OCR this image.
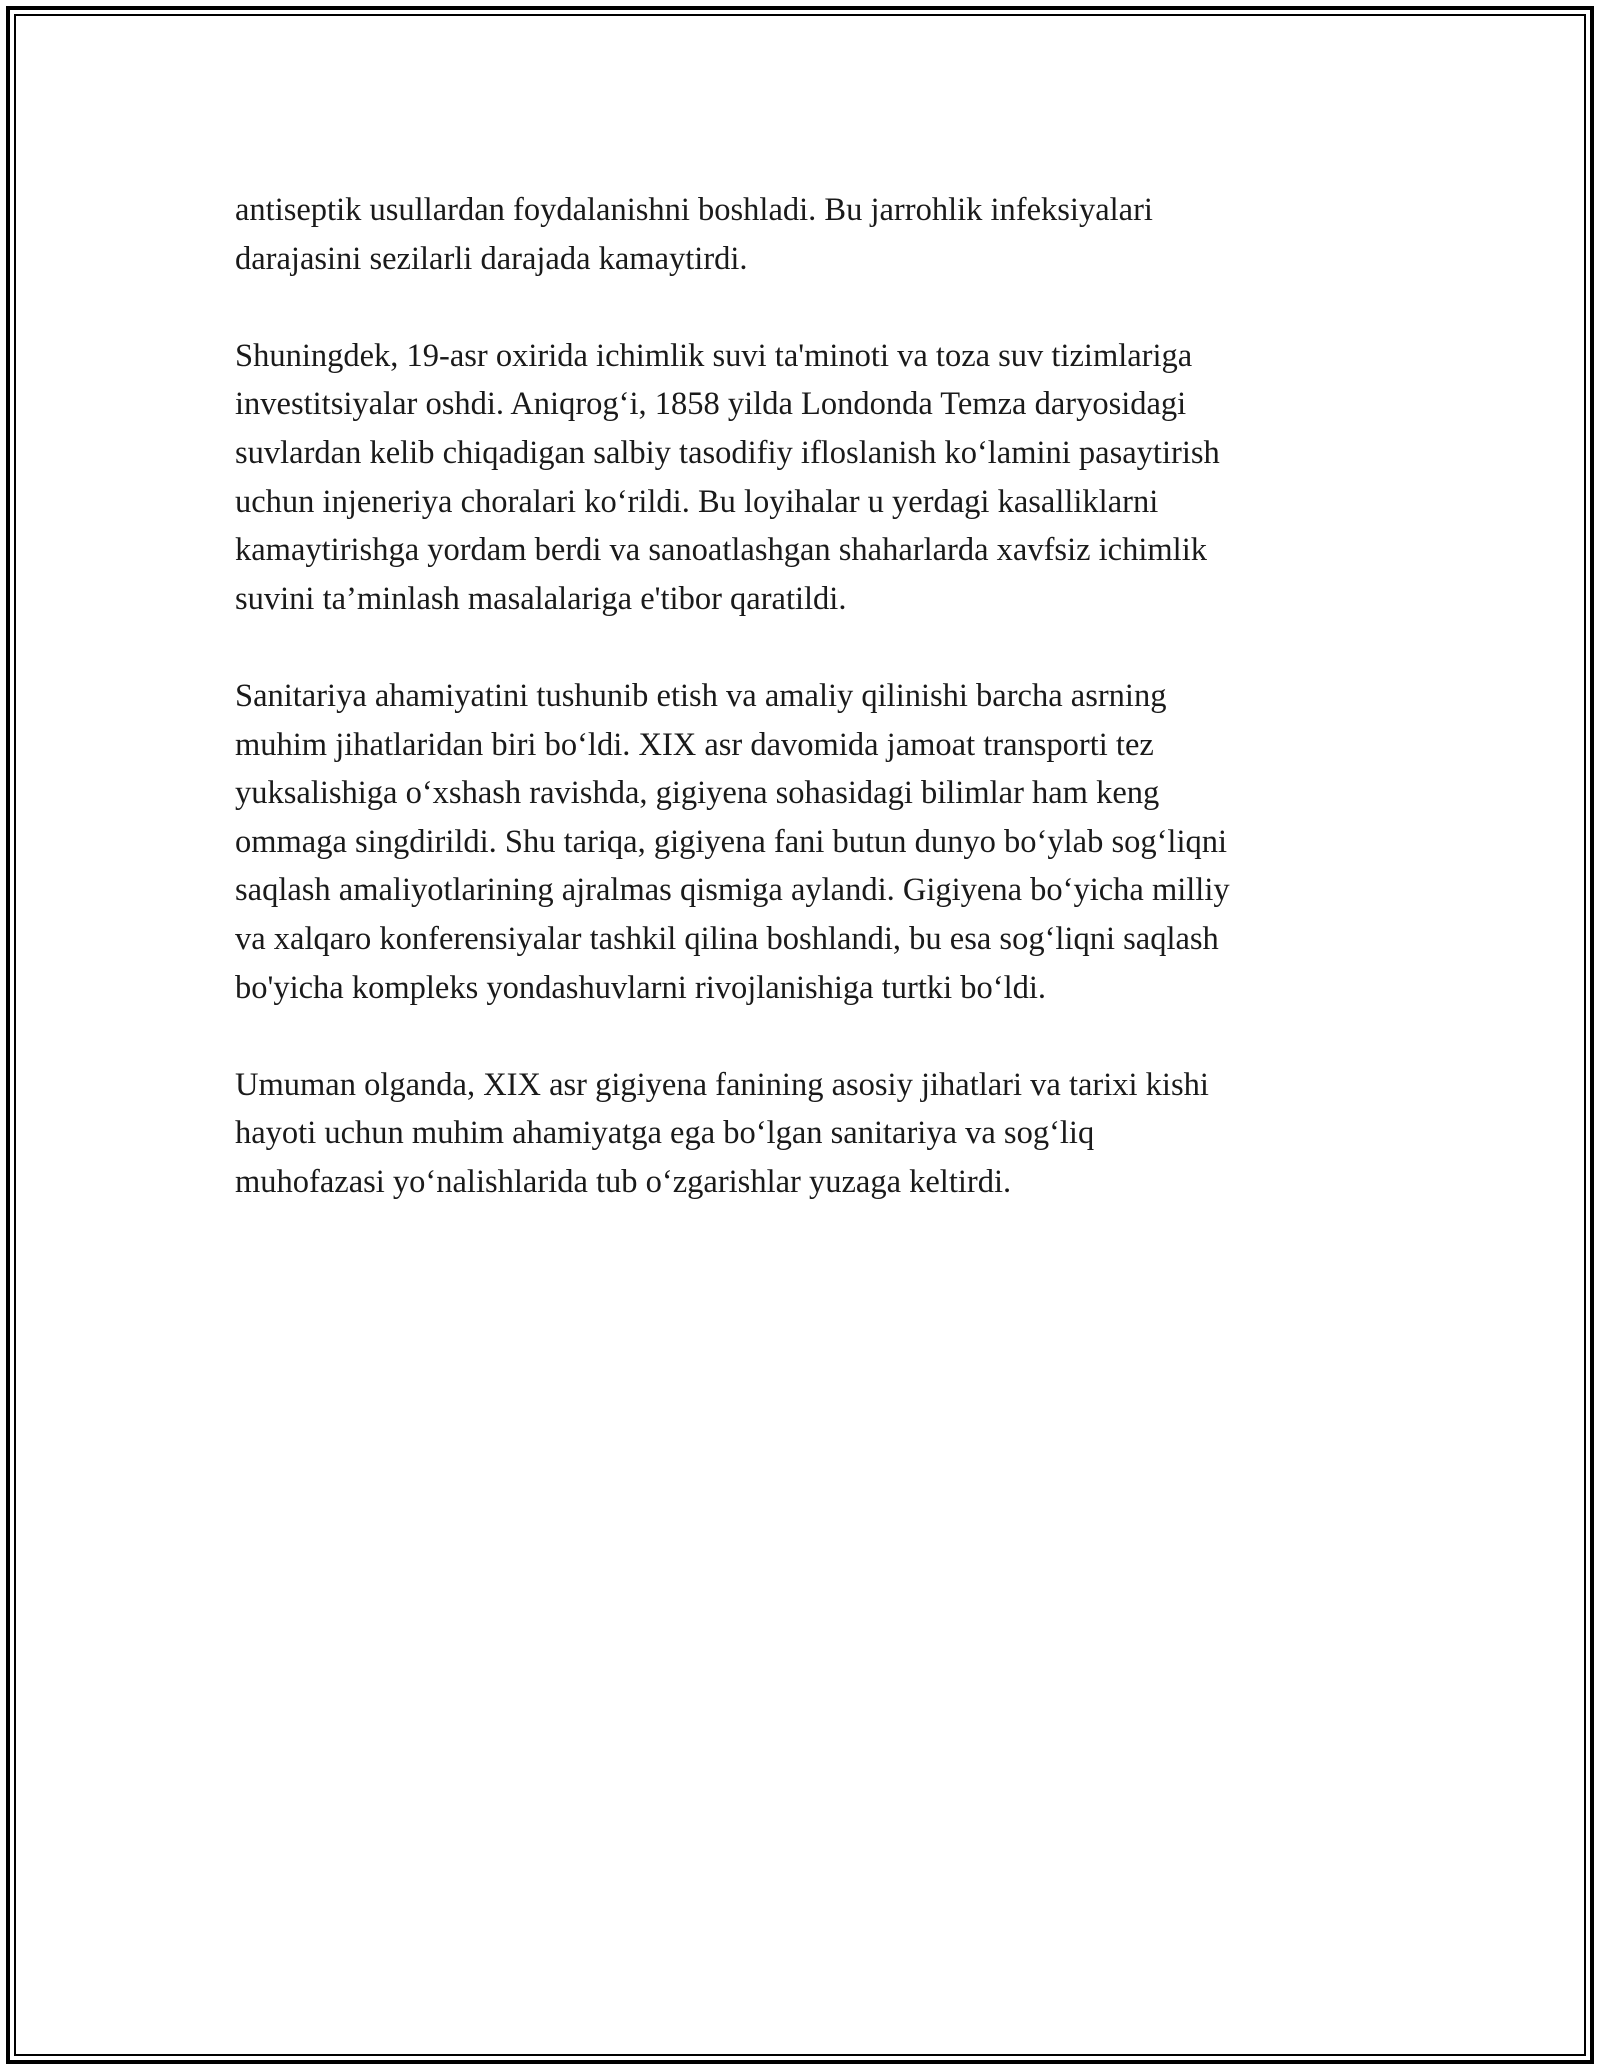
antiseptik usullardan foydalanishni boshladi. Bu jarrohlik infeksiyalari
darajasini sezilarli darajada kamaytirdi.

Shuningdek, 19-asr oxirida ichimlik suvi ta'minoti va toza suv tizimlariga
investitsiyalar oshdi. Aniqrog‘i, 1858 yilda Londonda Temza daryosidagi
suvlardan kelib chiqadigan salbiy tasodifiy ifloslanish ko‘lamini pasaytirish
uchun injeneriya choralari ko‘rildi. Bu loyihalar u yerdagi kasalliklarni
kamaytirishga yordam berdi va sanoatlashgan shaharlarda xavfsiz ichimlik
suvini ta’minlash masalalariga e'tibor qaratildi.

Sanitariya ahamiyatini tushunib etish va amaliy qilinishi barcha asrning
muhim jihatlaridan biri bo‘ldi. XIX asr davomida jamoat transporti tez
yuksalishiga o‘xshash ravishda, gigiyena sohasidagi bilimlar ham keng
ommaga singdirildi. Shu tariqa, gigiyena fani butun dunyo bo‘ylab sog‘liqni
saqlash amaliyotlarining ajralmas qismiga aylandi. Gigiyena bo‘yicha milliy
va xalqaro konferensiyalar tashkil qilina boshlandi, bu esa sog‘liqni saqlash
bo'yicha kompleks yondashuvlarni rivojlanishiga turtki bo‘ldi.

Umuman olganda, XIX asr gigiyena fanining asosiy jihatlari va tarixi kishi
hayoti uchun muhim ahamiyatga ega bo‘lgan sanitariya va sog‘liq
muhofazasi yo‘nalishlarida tub o‘zgarishlar yuzaga keltirdi.
